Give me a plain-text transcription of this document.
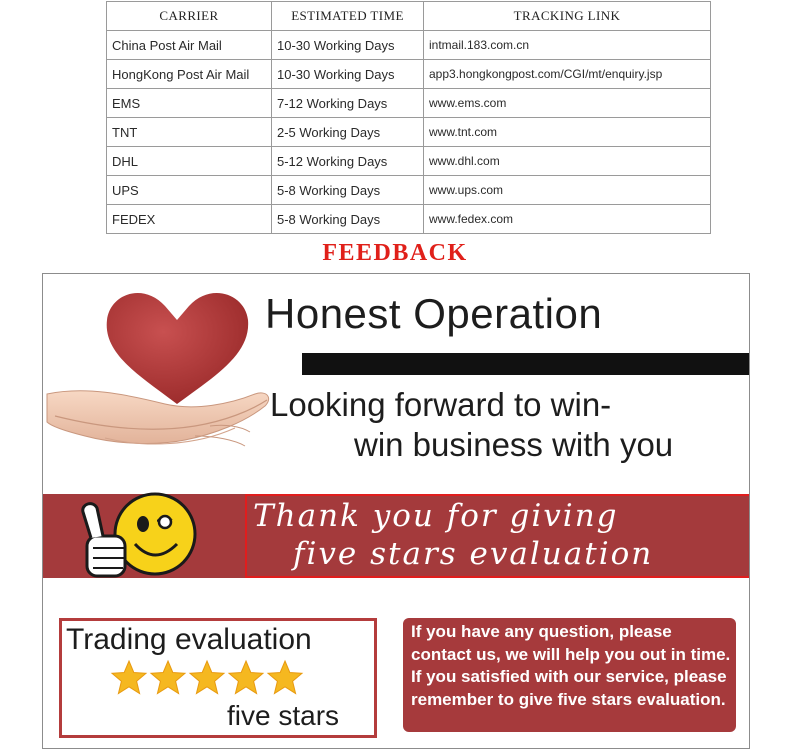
CARRIER	ESTIMATED TIME	TRACKING LINK
China Post Air Mail	10-30 Working Days	intmail.183.com.cn
HongKong Post Air Mail	10-30 Working Days	app3.hongkongpost.com/CGI/mt/enquiry.jsp
EMS	7-12 Working Days	www.ems.com
TNT	2-5 Working Days	www.tnt.com
DHL	5-12 Working Days	www.dhl.com
UPS	5-8 Working Days	www.ups.com
FEDEX	5-8 Working Days	www.fedex.com
FEEDBACK
Honest Operation
Looking forward to win-
win business with you
Thank you for giving
five stars evaluation
Trading evaluation
five stars
If you have any question, please contact us, we will help you out in time. If you satisfied with our service, please remember to give five stars evaluation.
